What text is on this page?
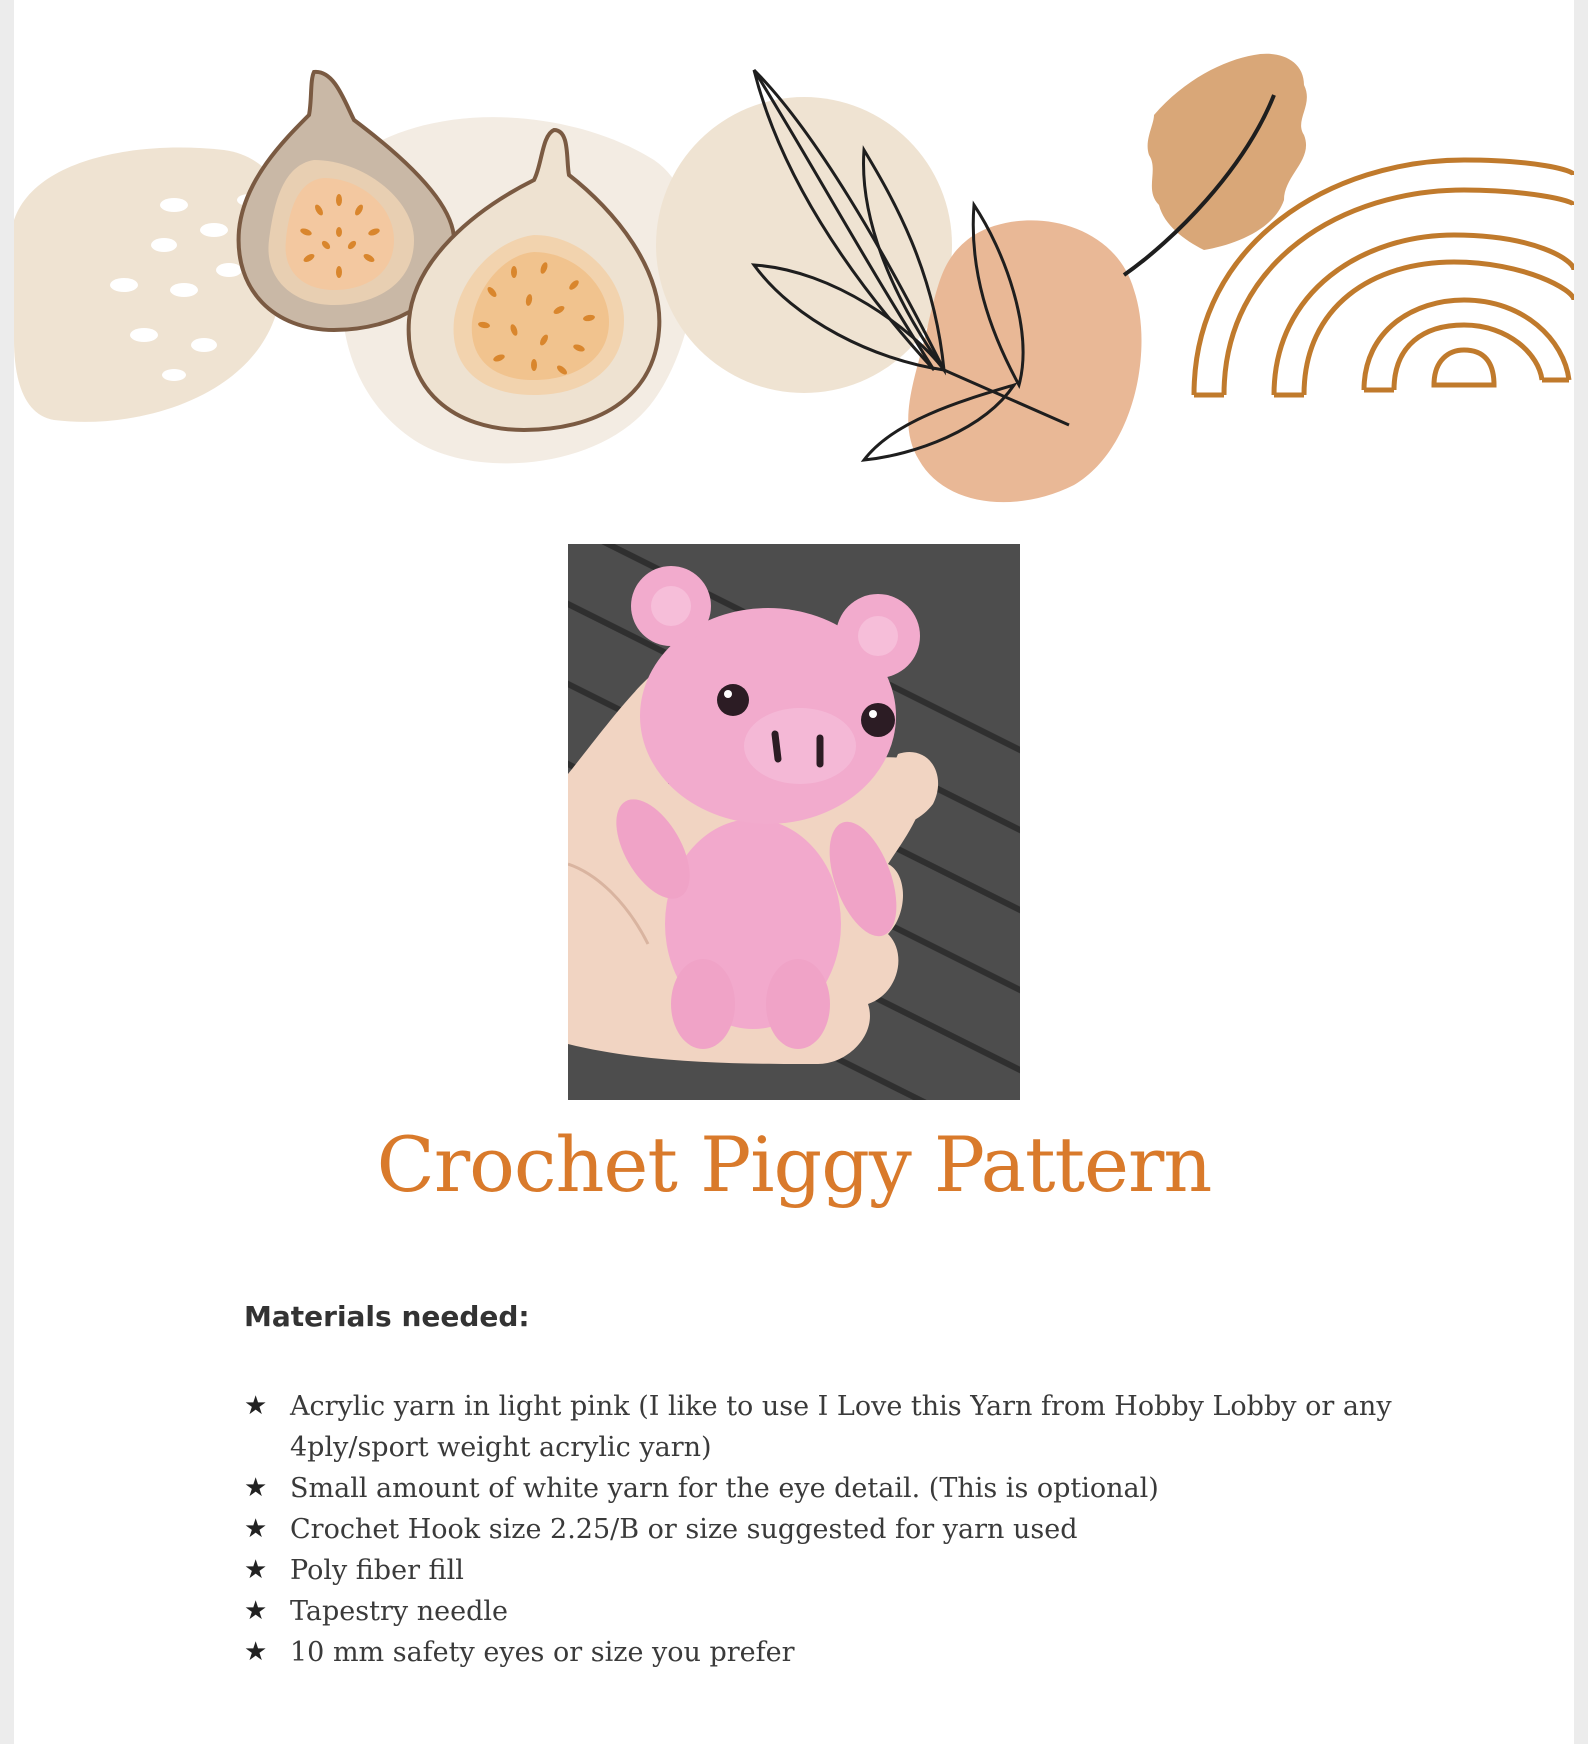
Crochet Piggy Pattern
Materials needed:
★ Acrylic yarn in light pink (I like to use I Love this Yarn from Hobby Lobby or any 4ply/sport weight acrylic yarn)
★ Small amount of white yarn for the eye detail. (This is optional)
★ Crochet Hook size 2.25/B or size suggested for yarn used
★ Poly fiber fill
★ Tapestry needle
★ 10 mm safety eyes or size you prefer
